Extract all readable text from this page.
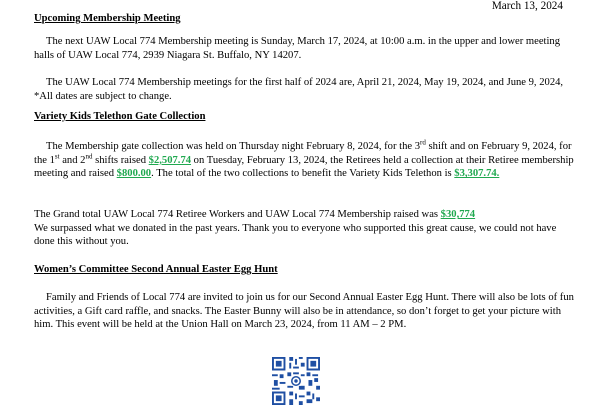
March 13, 2024
Upcoming Membership Meeting

The next UAW Local 774 Membership meeting is Sunday, March 17, 2024, at 10:00 a.m. in the upper and lower meeting halls of UAW Local 774, 2939 Niagara St. Buffalo, NY 14207.

The UAW Local 774 Membership meetings for the first half of 2024 are, April 21, 2024, May 19, 2024, and June 9, 2024, *All dates are subject to change.

Variety Kids Telethon Gate Collection

The Membership gate collection was held on Thursday night February 8, 2024, for the 3rd shift and on February 9, 2024, for the 1st and 2nd shifts raised $2,507.74 on Tuesday, February 13, 2024, the Retirees held a collection at their Retiree membership meeting and raised $800.00. The total of the two collections to benefit the Variety Kids Telethon is $3,307.74.

The Grand total UAW Local 774 Retiree Workers and UAW Local 774 Membership raised was $30,774
We surpassed what we donated in the past years. Thank you to everyone who supported this great cause, we could not have done this without you.

Women’s Committee Second Annual Easter Egg Hunt

Family and Friends of Local 774 are invited to join us for our Second Annual Easter Egg Hunt. There will also be lots of fun activities, a Gift card raffle, and snacks. The Easter Bunny will also be in attendance, so don’t forget to get your picture with him. This event will be held at the Union Hall on March 23, 2024, from 11 AM – 2 PM.
